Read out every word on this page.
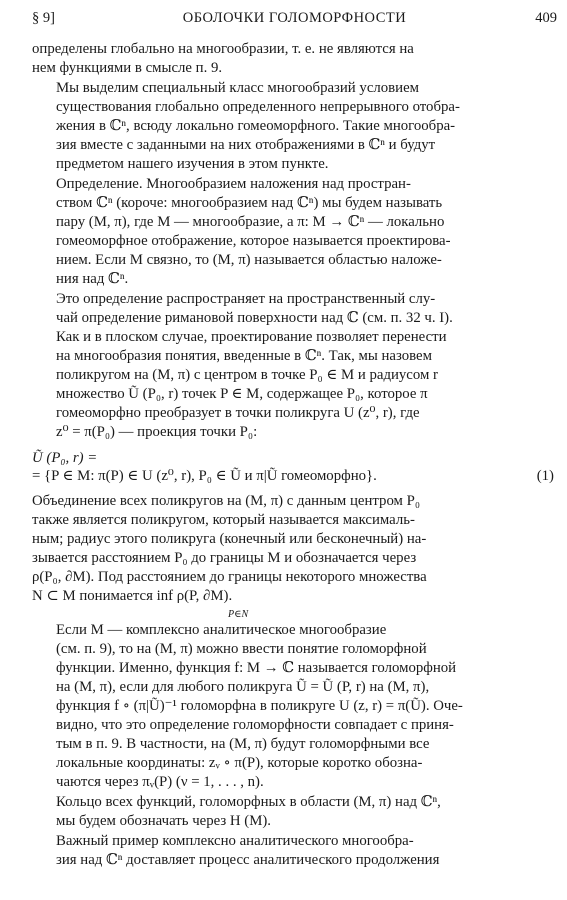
§ 9]	ОБОЛОЧКИ ГОЛОМОРФНОСТИ	409

определены глобально на многообразии, т. е. не являются на
нем функциями в смысле п. 9.

Мы выделим специальный класс многообразий условием
существования глобально определенного непрерывного отобра-
жения в ℂⁿ, всюду локально гомеоморфного. Такие многообра-
зия вместе с заданными на них отображениями в ℂⁿ и будут
предметом нашего изучения в этом пункте.

Определение. Многообразием наложения над простран-
ством ℂⁿ (короче: многообразием над ℂⁿ) мы будем называть
пару (M, π), где M — многообразие, а π: M → ℂⁿ — локально
гомеоморфное отображение, которое называется проектирова-
нием. Если M связно, то (M, π) называется областью наложе-
ния над ℂⁿ.

Это определение распространяет на пространственный слу-
чай определение римановой поверхности над ℂ (см. п. 32 ч. I).
Как и в плоском случае, проектирование позволяет перенести
на многообразия понятия, введенные в ℂⁿ. Так, мы назовем
поликругом на (M, π) с центром в точке P₀ ∈ M и радиусом r
множество Ũ (P₀, r) точек P ∈ M, содержащее P₀, которое π
гомеоморфно преобразует в точки поликруга U (z⁰, r), где
z⁰ = π(P₀) — проекция точки P₀:

Ũ (P₀, r) =
= {P ∈ M: π(P) ∈ U (z⁰, r), P₀ ∈ Ũ и π|Ũ гомеоморфно}.	(1)

Объединение всех поликругов на (M, π) с данным центром P₀
также является поликругом, который называется максималь-
ным; радиус этого поликруга (конечный или бесконечный) на-
зывается расстоянием P₀ до границы M и обозначается через
ρ(P₀, ∂M). Под расстоянием до границы некоторого множества
N ⊂ M понимается inf ρ(P, ∂M).
P∈N

Если M — комплексно аналитическое многообразие
(см. п. 9), то на (M, π) можно ввести понятие голоморфной
функции. Именно, функция f: M → ℂ называется голоморфной
на (M, π), если для любого поликруга Ũ = Ũ (P, r) на (M, π),
функция f ∘ (π|Ũ)⁻¹ голоморфна в поликруге U (z, r) = π(Ũ). Оче-
видно, что это определение голоморфности совпадает с приня-
тым в п. 9. В частности, на (M, π) будут голоморфными все
локальные координаты: zᵥ ∘ π(P), которые коротко обозна-
чаются через πᵥ(P) (ν = 1, . . . , n).

Кольцо всех функций, голоморфных в области (M, π) над ℂⁿ,
мы будем обозначать через H (M).

Важный пример комплексно аналитического многообра-
зия над ℂⁿ доставляет процесс аналитического продолжения
